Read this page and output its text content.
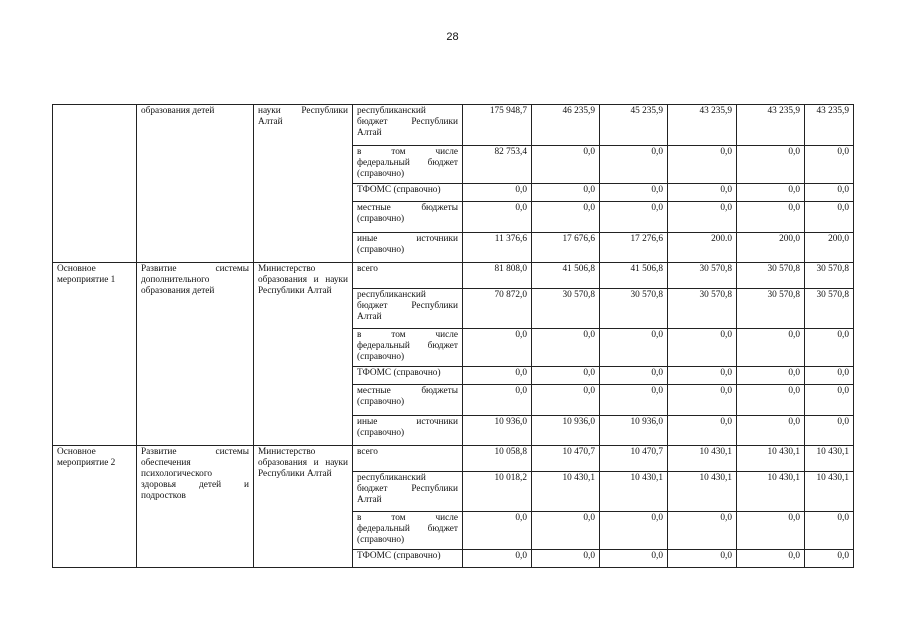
28
	образования детей	науки Республики Алтай	республиканский бюджет Республики Алтай	175 948,7	46 235,9	45 235,9	43 235,9	43 235,9	43 235,9
			в том числе федеральный бюджет (справочно)	82 753,4	0,0	0,0	0,0	0,0	0,0
			ТФОМС (справочно)	0,0	0,0	0,0	0,0	0,0	0,0
			местные бюджеты (справочно)	0,0	0,0	0,0	0,0	0,0	0,0
			иные источники (справочно)	11 376,6	17 676,6	17 276,6	200.0	200,0	200,0
Основное мероприятие 1	Развитие системы дополнительного образования детей	Министерство образования и науки Республики Алтай	всего	81 808,0	41 506,8	41 506,8	30 570,8	30 570,8	30 570,8
			республиканский бюджет Республики Алтай	70 872,0	30 570,8	30 570,8	30 570,8	30 570,8	30 570,8
			в том числе федеральный бюджет (справочно)	0,0	0,0	0,0	0,0	0,0	0,0
			ТФОМС (справочно)	0,0	0,0	0,0	0,0	0,0	0,0
			местные бюджеты (справочно)	0,0	0,0	0,0	0,0	0,0	0,0
			иные источники (справочно)	10 936,0	10 936,0	10 936,0	0,0	0,0	0,0
Основное мероприятие 2	Развитие системы обеспечения психологического здоровья детей и подростков	Министерство образования и науки Республики Алтай	всего	10 058,8	10 470,7	10 470,7	10 430,1	10 430,1	10 430,1
			республиканский бюджет Республики Алтай	10 018,2	10 430,1	10 430,1	10 430,1	10 430,1	10 430,1
			в том числе федеральный бюджет (справочно)	0,0	0,0	0,0	0,0	0,0	0,0
			ТФОМС (справочно)	0,0	0,0	0,0	0,0	0,0	0,0
